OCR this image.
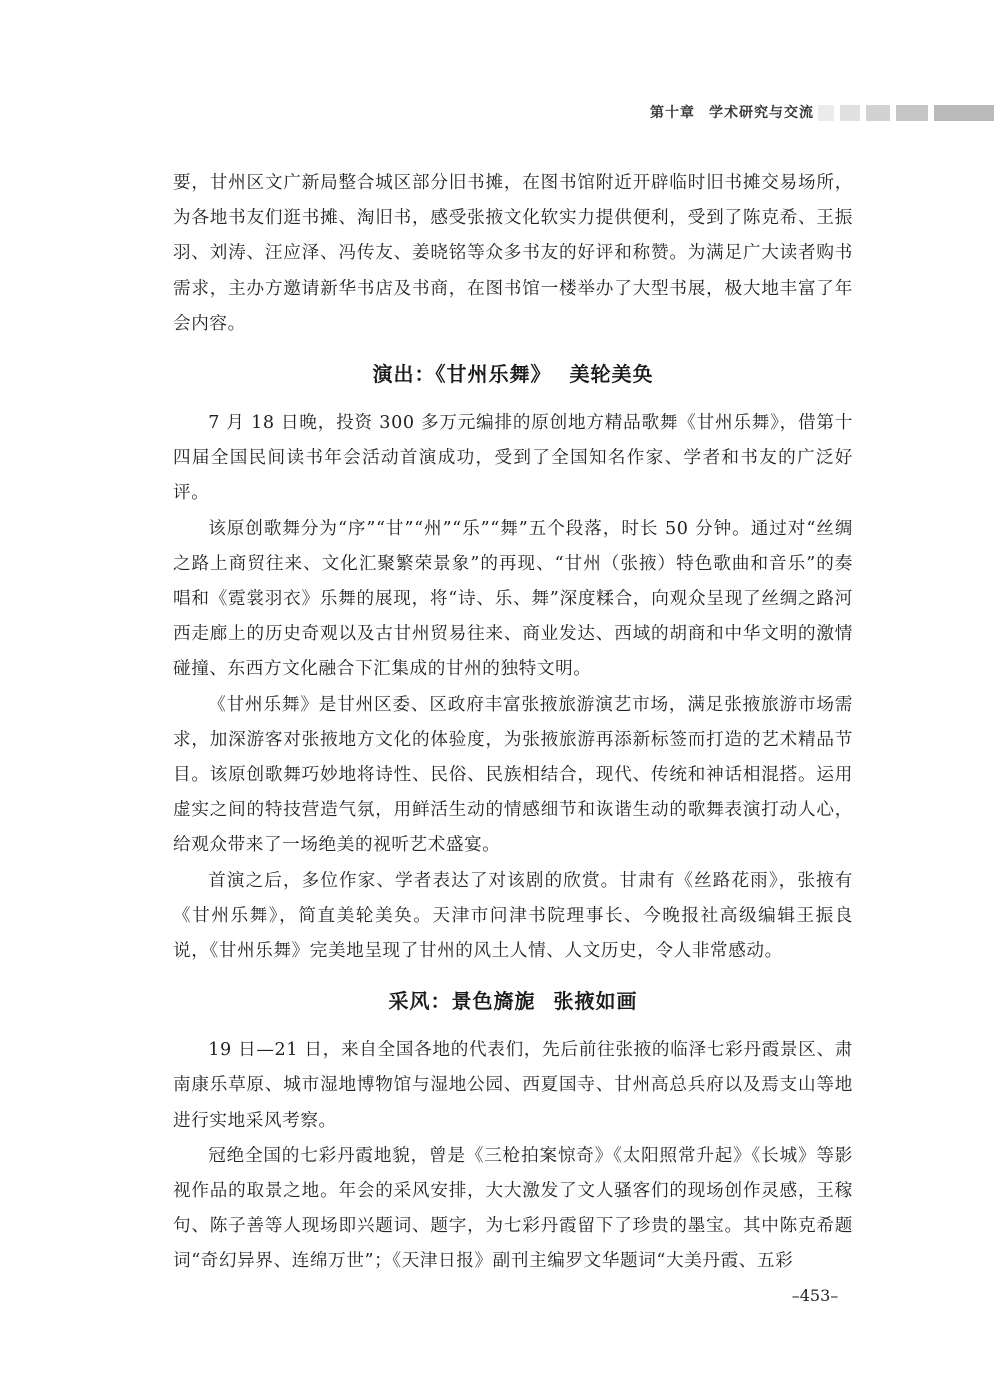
第十章 学术研究与交流

要，甘州区文广新局整合城区部分旧书摊，在图书馆附近开辟临时旧书摊交易场所，为各地书友们逛书摊、淘旧书，感受张掖文化软实力提供便利，受到了陈克希、王振羽、刘涛、汪应泽、冯传友、姜晓铭等众多书友的好评和称赞。为满足广大读者购书需求，主办方邀请新华书店及书商，在图书馆一楼举办了大型书展，极大地丰富了年会内容。

演出：《甘州乐舞》 美轮美奂

7 月 18 日晚，投资 300 多万元编排的原创地方精品歌舞《甘州乐舞》，借第十四届全国民间读书年会活动首演成功，受到了全国知名作家、学者和书友的广泛好评。

该原创歌舞分为“序”“甘”“州”“乐”“舞”五个段落，时长 50 分钟。通过对“丝绸之路上商贸往来、文化汇聚繁荣景象”的再现、“甘州（张掖）特色歌曲和音乐”的奏唱和《霓裳羽衣》乐舞的展现，将“诗、乐、舞”深度糅合，向观众呈现了丝绸之路河西走廊上的历史奇观以及古甘州贸易往来、商业发达、西域的胡商和中华文明的激情碰撞、东西方文化融合下汇集成的甘州的独特文明。

《甘州乐舞》是甘州区委、区政府丰富张掖旅游演艺市场，满足张掖旅游市场需求，加深游客对张掖地方文化的体验度，为张掖旅游再添新标签而打造的艺术精品节目。该原创歌舞巧妙地将诗性、民俗、民族相结合，现代、传统和神话相混搭。运用虚实之间的特技营造气氛，用鲜活生动的情感细节和诙谐生动的歌舞表演打动人心，给观众带来了一场绝美的视听艺术盛宴。

首演之后，多位作家、学者表达了对该剧的欣赏。甘肃有《丝路花雨》，张掖有《甘州乐舞》，简直美轮美奂。天津市问津书院理事长、今晚报社高级编辑王振良说，《甘州乐舞》完美地呈现了甘州的风土人情、人文历史，令人非常感动。

采风：景色旖旎 张掖如画

19 日—21 日，来自全国各地的代表们，先后前往张掖的临泽七彩丹霞景区、肃南康乐草原、城市湿地博物馆与湿地公园、西夏国寺、甘州高总兵府以及焉支山等地进行实地采风考察。

冠绝全国的七彩丹霞地貌，曾是《三枪拍案惊奇》《太阳照常升起》《长城》等影视作品的取景之地。年会的采风安排，大大激发了文人骚客们的现场创作灵感，王稼句、陈子善等人现场即兴题词、题字，为七彩丹霞留下了珍贵的墨宝。其中陈克希题词“奇幻异界、连绵万世”；《天津日报》副刊主编罗文华题词“大美丹霞、五彩

–453–
